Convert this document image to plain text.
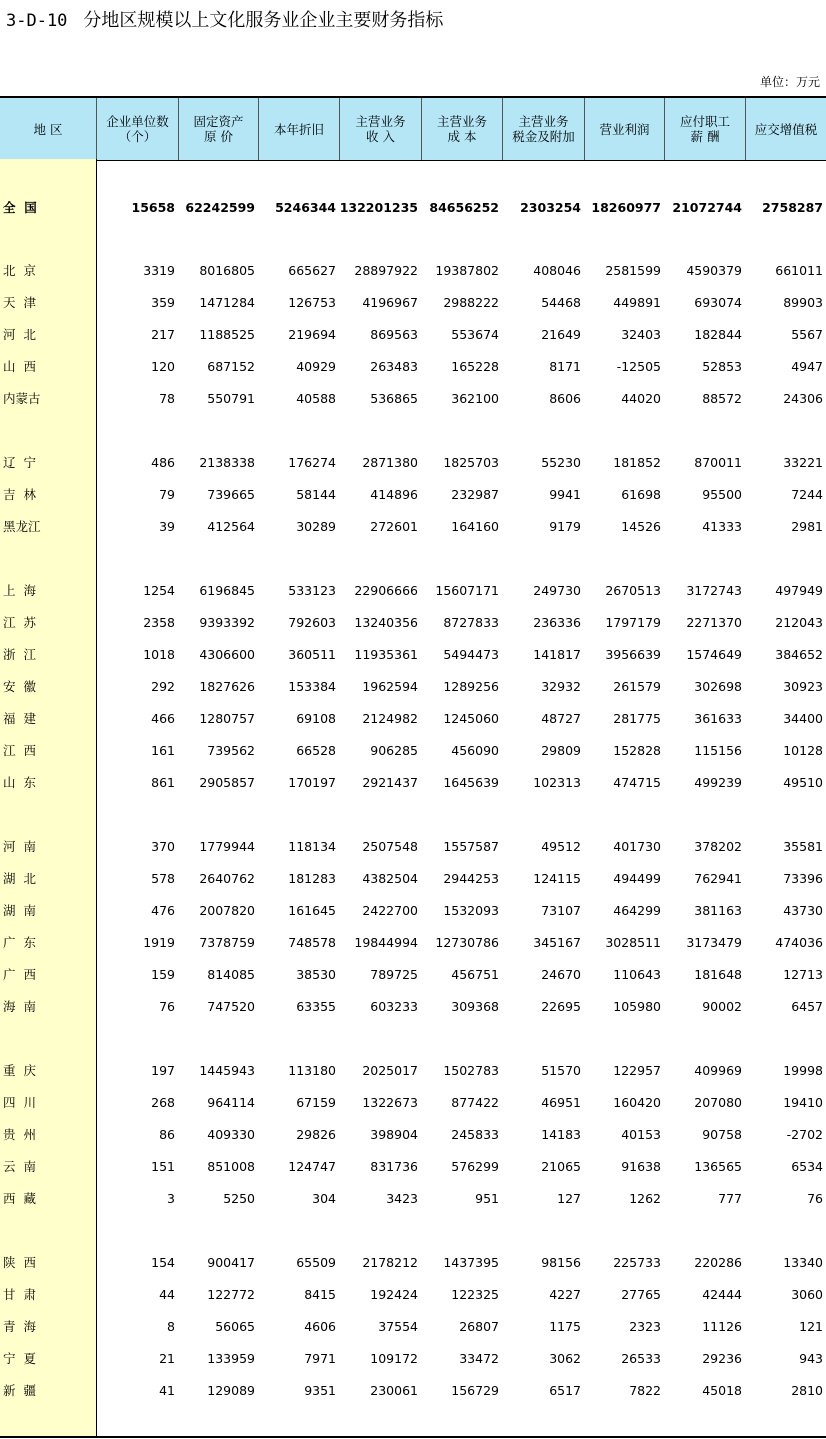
3-D-10 分地区规模以上文化服务业企业主要财务指标
单位：万元
地 区	企业单位数
（个）
固定资产
原 价	本年折旧	主营业务
收 入
主营业务
成 本
主营业务
税金及附加	营业利润	应付职工
薪 酬	应交增值税
全  国	15658 62242599 5246344 132201235 84656252 2303254 18260977 21072744 2758287
北  京	3319 8016805	665627 28897922 19387802	408046 2581599 4590379	661011
天  津	359 1471284	126753 4196967 2988222	54468	449891	693074	89903
河  北	217 1188525	219694	869563	553674	21649	32403	182844	5567
山  西	120	687152	40929	263483	165228	8171	-12505	52853	4947
内蒙古	78	550791	40588	536865	362100	8606	44020	88572	24306
辽  宁	486 2138338	176274 2871380 1825703	55230	181852	870011	33221
吉  林	79	739665	58144	414896	232987	9941	61698	95500	7244
黑龙江	39	412564	30289	272601	164160	9179	14526	41333	2981
上  海	1254 6196845	533123 22906666 15607171	249730 2670513 3172743	497949
江  苏	2358 9393392	792603 13240356 8727833	236336 1797179 2271370	212043
浙  江	1018 4306600	360511 11935361 5494473	141817 3956639 1574649	384652
安  徽	292 1827626	153384 1962594 1289256	32932	261579	302698	30923
福  建	466 1280757	69108 2124982 1245060	48727	281775	361633	34400
江  西	161	739562	66528	906285	456090	29809	152828	115156	10128
山  东	861 2905857	170197 2921437 1645639	102313	474715	499239	49510
河  南	370 1779944	118134 2507548 1557587	49512	401730	378202	35581
湖  北	578 2640762	181283 4382504 2944253	124115	494499	762941	73396
湖  南	476 2007820	161645 2422700 1532093	73107	464299	381163	43730
广  东	1919 7378759	748578 19844994 12730786	345167 3028511 3173479	474036
广  西	159	814085	38530	789725	456751	24670	110643	181648	12713
海  南	76	747520	63355	603233	309368	22695	105980	90002	6457
重  庆	197 1445943	113180 2025017 1502783	51570	122957	409969	19998
四  川	268	964114	67159 1322673	877422	46951	160420	207080	19410
贵  州	86	409330	29826	398904	245833	14183	40153	90758	-2702
云  南	151	851008	124747	831736	576299	21065	91638	136565	6534
西  藏	3	5250	304	3423	951	127	1262	777	76
陕  西	154	900417	65509 2178212 1437395	98156	225733	220286	13340
甘  肃	44	122772	8415	192424	122325	4227	27765	42444	3060
青  海	8	56065	4606	37554	26807	1175	2323	11126	121
宁  夏	21	133959	7971	109172	33472	3062	26533	29236	943
新  疆	41	129089	9351	230061	156729	6517	7822	45018	2810
